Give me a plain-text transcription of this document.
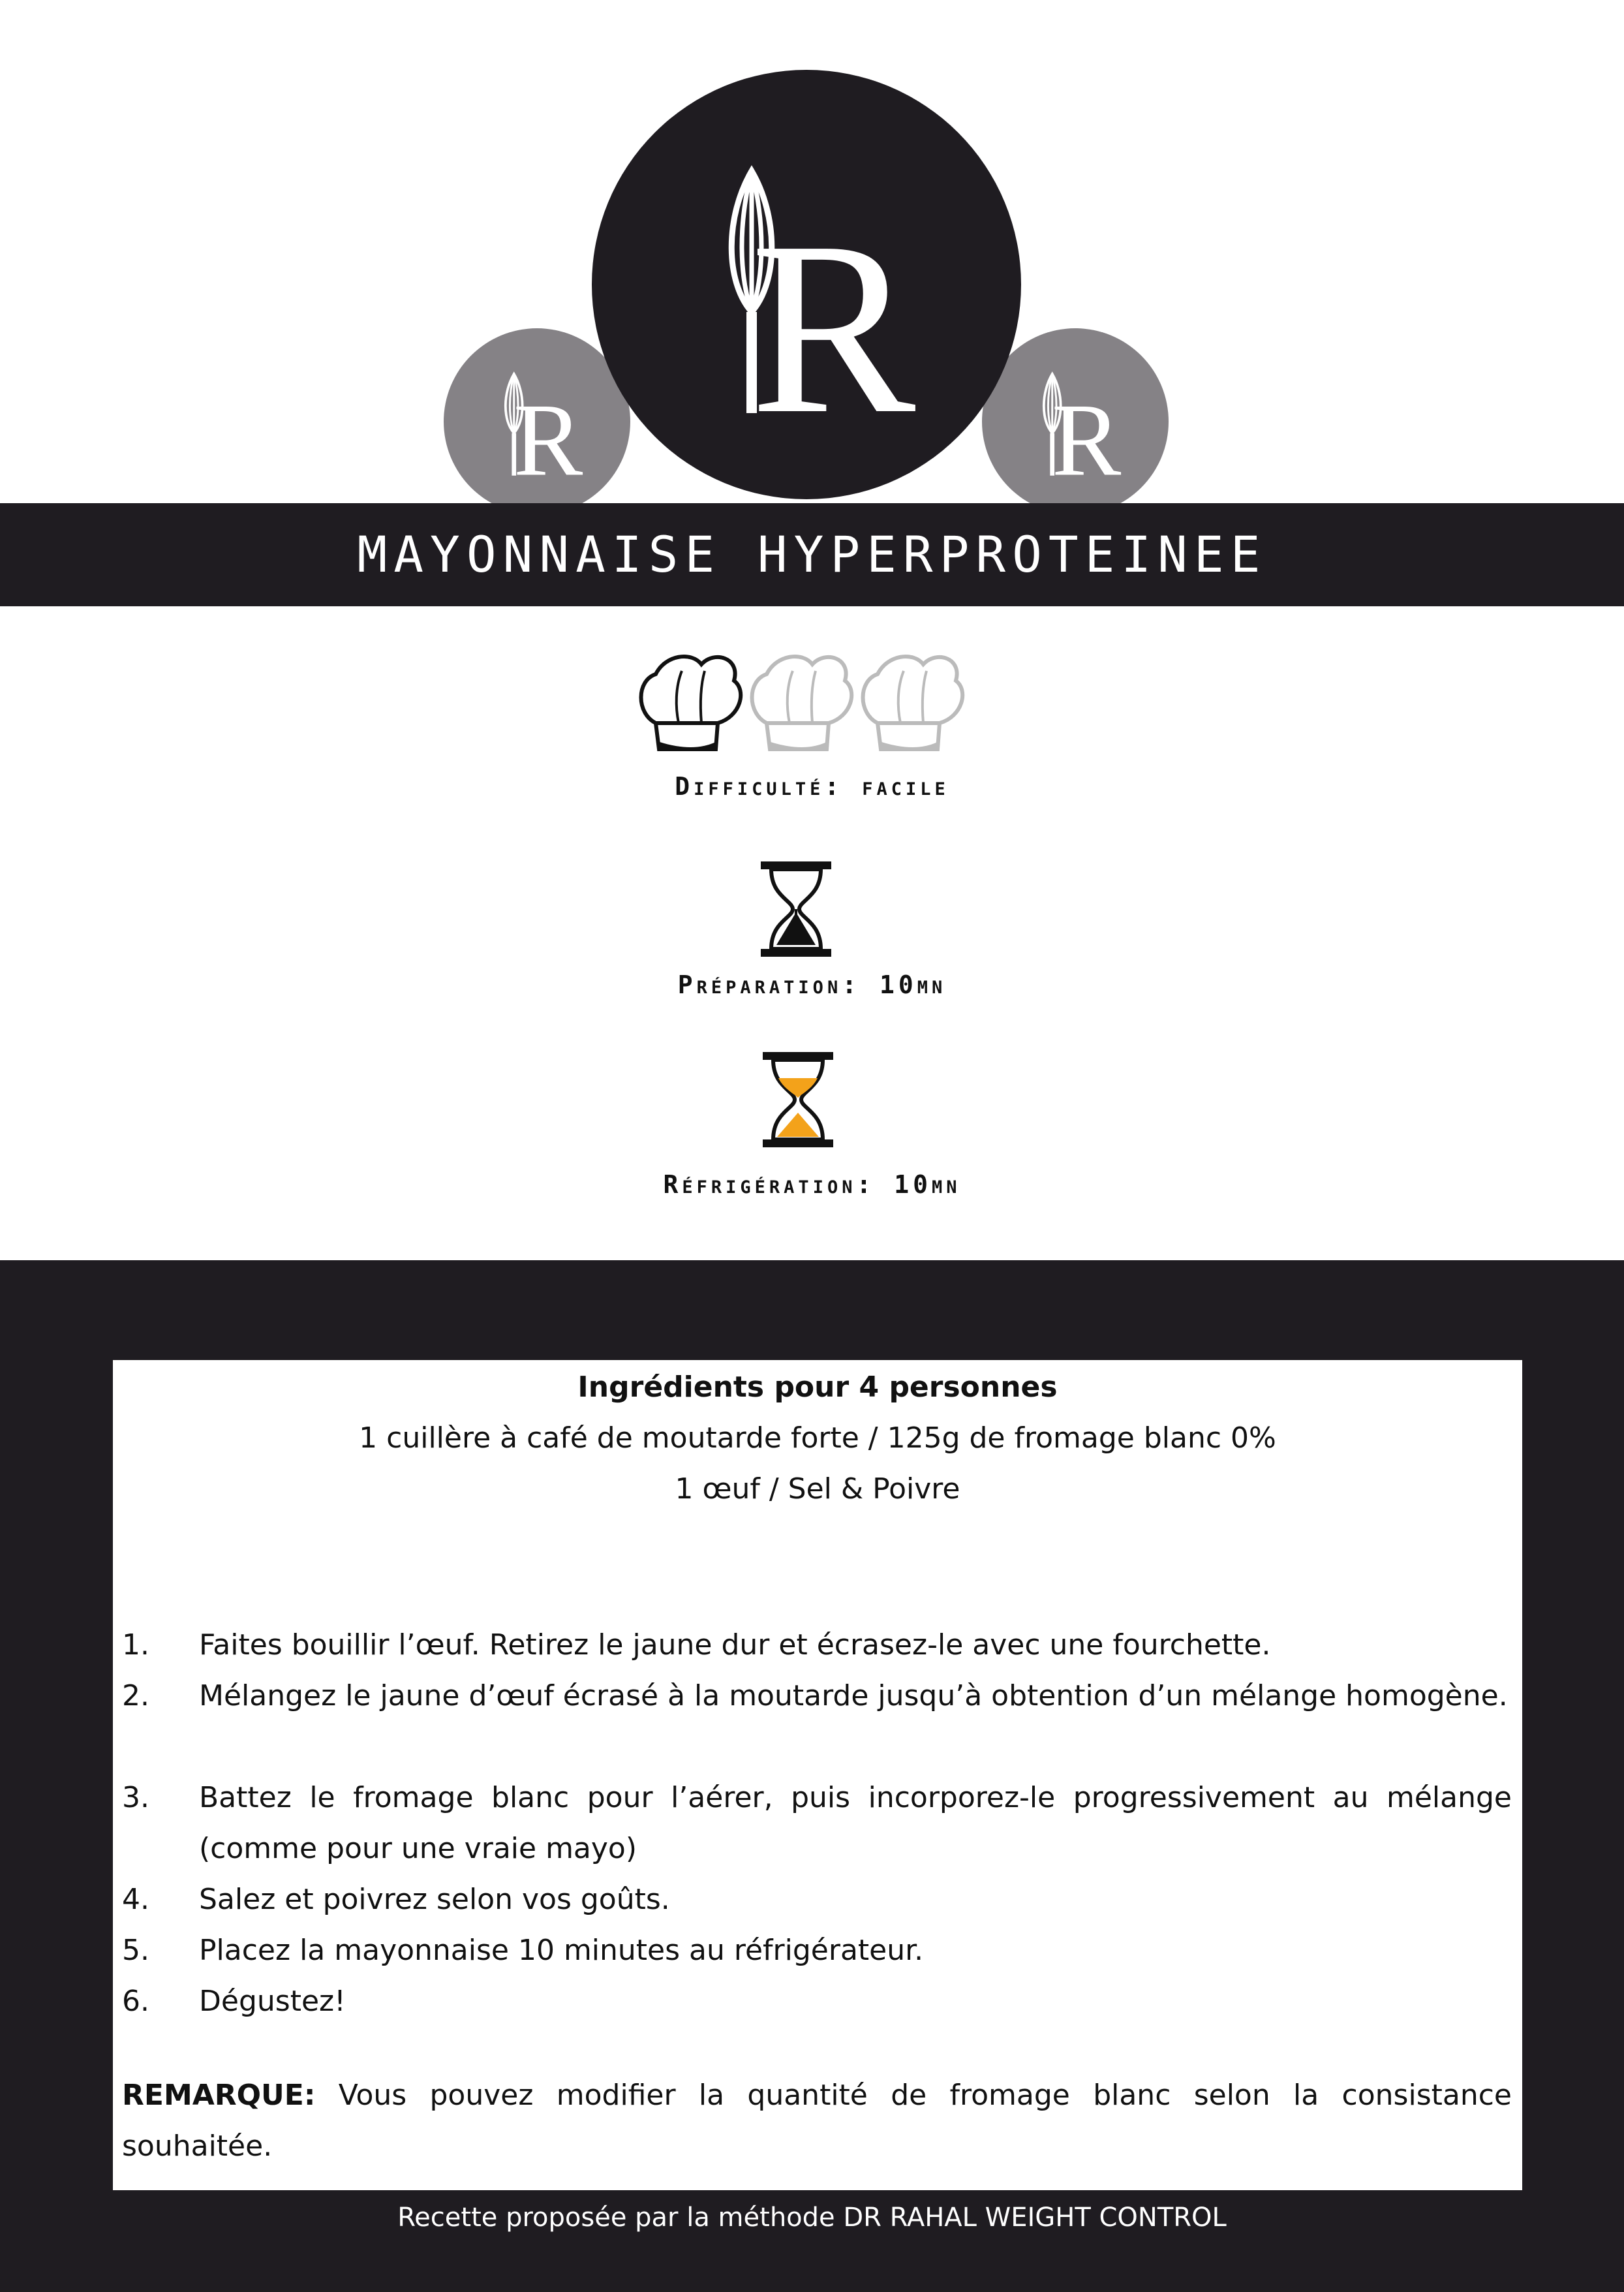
R R
R
MAYONNAISE HYPERPROTEINEE
Difficulté: facile
Préparation: 10mn
Réfrigération: 10mn
Ingrédients pour 4 personnes
1 cuillère à café de moutarde forte / 125g de fromage blanc 0%
1 œuf / Sel & Poivre
1. Faites bouillir l’œuf. Retirez le jaune dur et écrasez-le avec une fourchette.
2. Mélangez le jaune d’œuf écrasé à la moutarde jusqu’à obtention d’un mélange homogène.
3. Battez le fromage blanc pour l’aérer, puis incorporez-le progressivement au mélange (comme pour une vraie mayo)
4. Salez et poivrez selon vos goûts.
5. Placez la mayonnaise 10 minutes au réfrigérateur.
6. Dégustez!
REMARQUE: Vous pouvez modifier la quantité de fromage blanc selon la consistance souhaitée.
Recette proposée par la méthode DR RAHAL WEIGHT CONTROL
